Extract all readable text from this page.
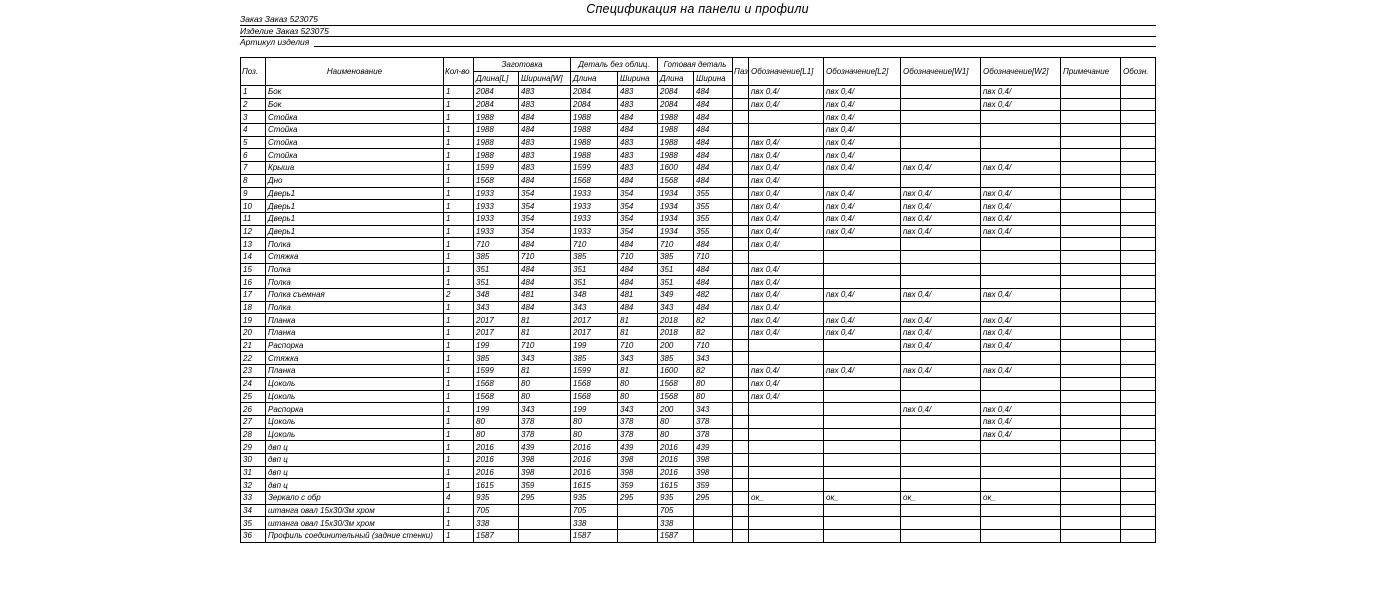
Спецификация на панели и профили
Заказ Заказ 523075
Изделие Заказ 523075
Артикул изделия
Поз.	Наименование	Кол-во	Заготовка		Деталь без облиц.		Готовая деталь		Паз	Обозначение[L1]	Обозначение[L2]	Обозначение[W1]	Обозначение[W2]	Примечание	Обозн.
			Длина[L]	Ширина[W]	Длина	Ширина	Длина	Ширина							
1	Бок	1	2084	483	2084	483	2084	484		пвх 0,4/	пвх 0,4/		пвх 0,4/		
2	Бок	1	2084	483	2084	483	2084	484		пвх 0,4/	пвх 0,4/		пвх 0,4/		
3	Стойка	1	1988	484	1988	484	1988	484			пвх 0,4/				
4	Стойка	1	1988	484	1988	484	1988	484			пвх 0,4/				
5	Стойка	1	1988	483	1988	483	1988	484		пвх 0,4/	пвх 0,4/				
6	Стойка	1	1988	483	1988	483	1988	484		пвх 0,4/	пвх 0,4/				
7	Крыша	1	1599	483	1599	483	1600	484		пвх 0,4/	пвх 0,4/	пвх 0,4/	пвх 0,4/		
8	Дно	1	1568	484	1568	484	1568	484		пвх 0,4/					
9	Дверь1	1	1933	354	1933	354	1934	355		пвх 0,4/	пвх 0,4/	пвх 0,4/	пвх 0,4/		
10	Дверь1	1	1933	354	1933	354	1934	355		пвх 0,4/	пвх 0,4/	пвх 0,4/	пвх 0,4/		
11	Дверь1	1	1933	354	1933	354	1934	355		пвх 0,4/	пвх 0,4/	пвх 0,4/	пвх 0,4/		
12	Дверь1	1	1933	354	1933	354	1934	355		пвх 0,4/	пвх 0,4/	пвх 0,4/	пвх 0,4/		
13	Полка	1	710	484	710	484	710	484		пвх 0,4/					
14	Стяжка	1	385	710	385	710	385	710							
15	Полка	1	351	484	351	484	351	484		пвх 0,4/					
16	Полка	1	351	484	351	484	351	484		пвх 0,4/					
17	Полка съемная	2	348	481	348	481	349	482		пвх 0,4/	пвх 0,4/	пвх 0,4/	пвх 0,4/		
18	Полка	1	343	484	343	484	343	484		пвх 0,4/					
19	Планка	1	2017	81	2017	81	2018	82		пвх 0,4/	пвх 0,4/	пвх 0,4/	пвх 0,4/		
20	Планка	1	2017	81	2017	81	2018	82		пвх 0,4/	пвх 0,4/	пвх 0,4/	пвх 0,4/		
21	Распорка	1	199	710	199	710	200	710				пвх 0,4/	пвх 0,4/		
22	Стяжка	1	385	343	385	343	385	343							
23	Планка	1	1599	81	1599	81	1600	82		пвх 0,4/	пвх 0,4/	пвх 0,4/	пвх 0,4/		
24	Цоколь	1	1568	80	1568	80	1568	80		пвх 0,4/					
25	Цоколь	1	1568	80	1568	80	1568	80		пвх 0,4/					
26	Распорка	1	199	343	199	343	200	343				пвх 0,4/	пвх 0,4/		
27	Цоколь	1	80	378	80	378	80	378					пвх 0,4/		
28	Цоколь	1	80	378	80	378	80	378					пвх 0,4/		
29	двп ц	1	2016	439	2016	439	2016	439							
30	двп ц	1	2016	398	2016	398	2016	398							
31	двп ц	1	2016	398	2016	398	2016	398							
32	двп ц	1	1615	359	1615	359	1615	359							
33	Зеркало с обр	4	935	295	935	295	935	295		ок_	ок_	ок_	ок_		
34	штанга овал 15х30/3м хром	1	705		705		705								
35	штанга овал 15х30/3м хром	1	338		338		338								
36	Профиль соединительный (задние стенки)	1	1587		1587		1587								
